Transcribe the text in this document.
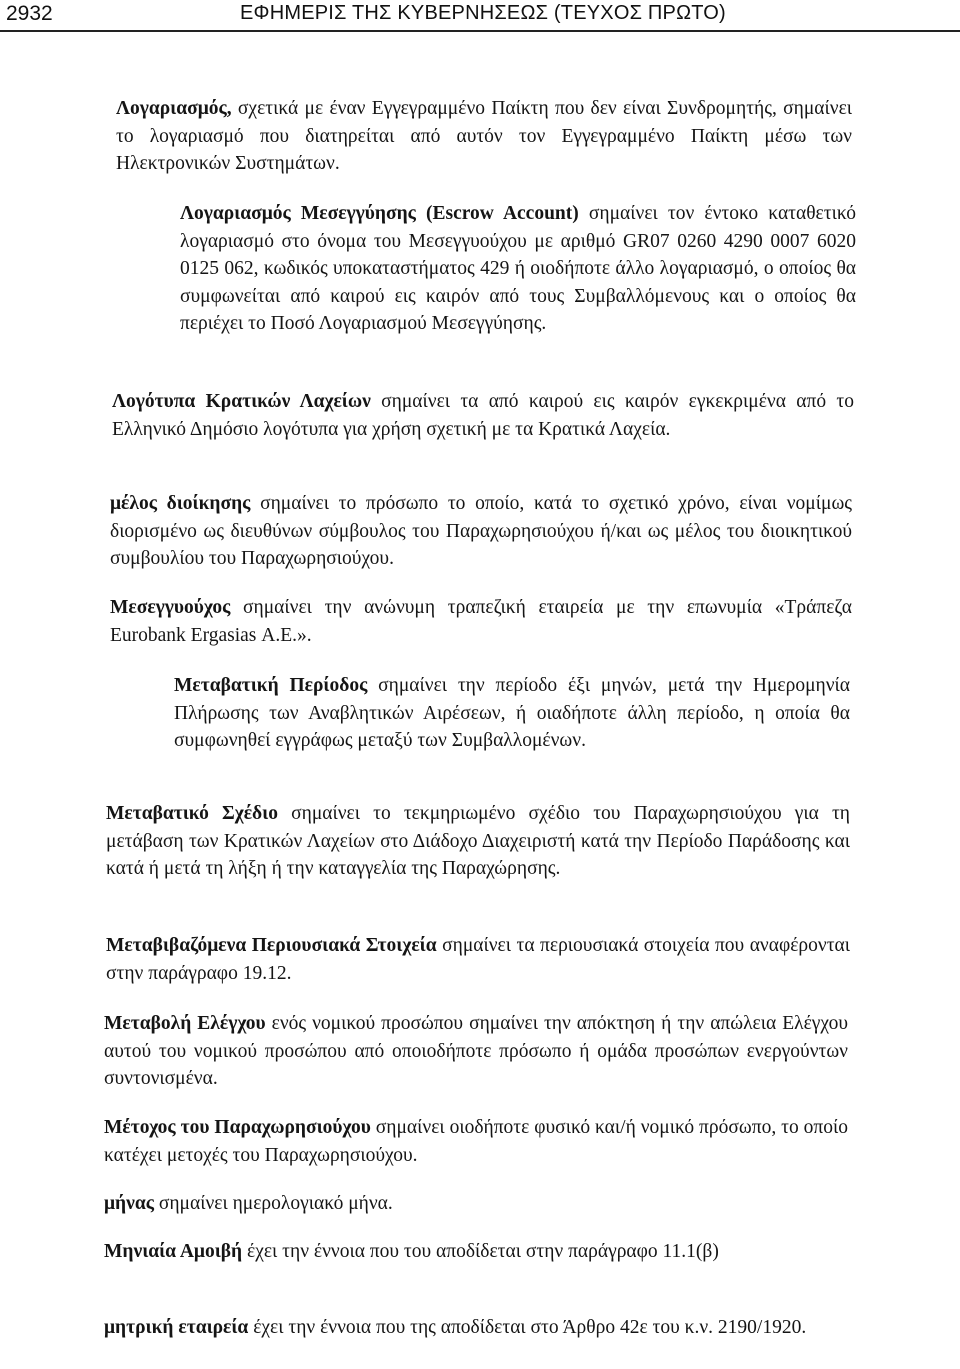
2932	ΕΦΗΜΕΡΙΣ ΤΗΣ ΚΥΒΕΡΝΗΣΕΩΣ (ΤΕΥΧΟΣ ΠΡΩΤΟ)
Λογαριασμός, σχετικά με έναν Εγγεγραμμένο Παίκτη που δεν είναι Συνδρομητής, σημαίνει το λογαριασμό που διατηρείται από αυτόν τον Εγγεγραμμένο Παίκτη μέσω των Ηλεκτρονικών Συστημάτων.
Λογαριασμός Μεσεγγύησης (Escrow Account) σημαίνει τον έντοκο καταθετικό λογαριασμό στο όνομα του Μεσεγγυούχου με αριθμό GR07 0260 4290 0007 6020 0125 062, κωδικός υποκαταστήματος 429 ή οιοδήποτε άλλο λογαριασμό, ο οποίος θα συμφωνείται από καιρού εις καιρόν από τους Συμβαλλόμενους και ο οποίος θα περιέχει το Ποσό Λογαριασμού Μεσεγγύησης.
Λογότυπα Κρατικών Λαχείων σημαίνει τα από καιρού εις καιρόν εγκεκριμένα από το Ελληνικό Δημόσιο λογότυπα για χρήση σχετική με τα Κρατικά Λαχεία.
μέλος διοίκησης σημαίνει το πρόσωπο το οποίο, κατά το σχετικό χρόνο, είναι νομίμως διορισμένο ως διευθύνων σύμβουλος του Παραχωρησιούχου ή/και ως μέλος του διοικητικού συμβουλίου του Παραχωρησιούχου.
Μεσεγγυούχος σημαίνει την ανώνυμη τραπεζική εταιρεία με την επωνυμία «Τράπεζα Eurobank Ergasias Α.Ε.».
Μεταβατική Περίοδος σημαίνει την περίοδο έξι μηνών, μετά την Ημερομηνία Πλήρωσης των Αναβλητικών Αιρέσεων, ή οιαδήποτε άλλη περίοδο, η οποία θα συμφωνηθεί εγγράφως μεταξύ των Συμβαλλομένων.
Μεταβατικό Σχέδιο σημαίνει το τεκμηριωμένο σχέδιο του Παραχωρησιούχου για τη μετάβαση των Κρατικών Λαχείων στο Διάδοχο Διαχειριστή κατά την Περίοδο Παράδοσης και κατά ή μετά τη λήξη ή την καταγγελία της Παραχώρησης.
Μεταβιβαζόμενα Περιουσιακά Στοιχεία σημαίνει τα περιουσιακά στοιχεία που αναφέρονται στην παράγραφο 19.12.
Μεταβολή Ελέγχου ενός νομικού προσώπου σημαίνει την απόκτηση ή την απώλεια Ελέγχου αυτού του νομικού προσώπου από οποιοδήποτε πρόσωπο ή ομάδα προσώπων ενεργούντων συντονισμένα.
Μέτοχος του Παραχωρησιούχου σημαίνει οιοδήποτε φυσικό και/ή νομικό πρόσωπο, το οποίο κατέχει μετοχές του Παραχωρησιούχου.
μήνας σημαίνει ημερολογιακό μήνα.
Μηνιαία Αμοιβή έχει την έννοια που του αποδίδεται στην παράγραφο 11.1(β)
μητρική εταιρεία έχει την έννοια που της αποδίδεται στο Άρθρο 42ε του κ.ν. 2190/1920.
